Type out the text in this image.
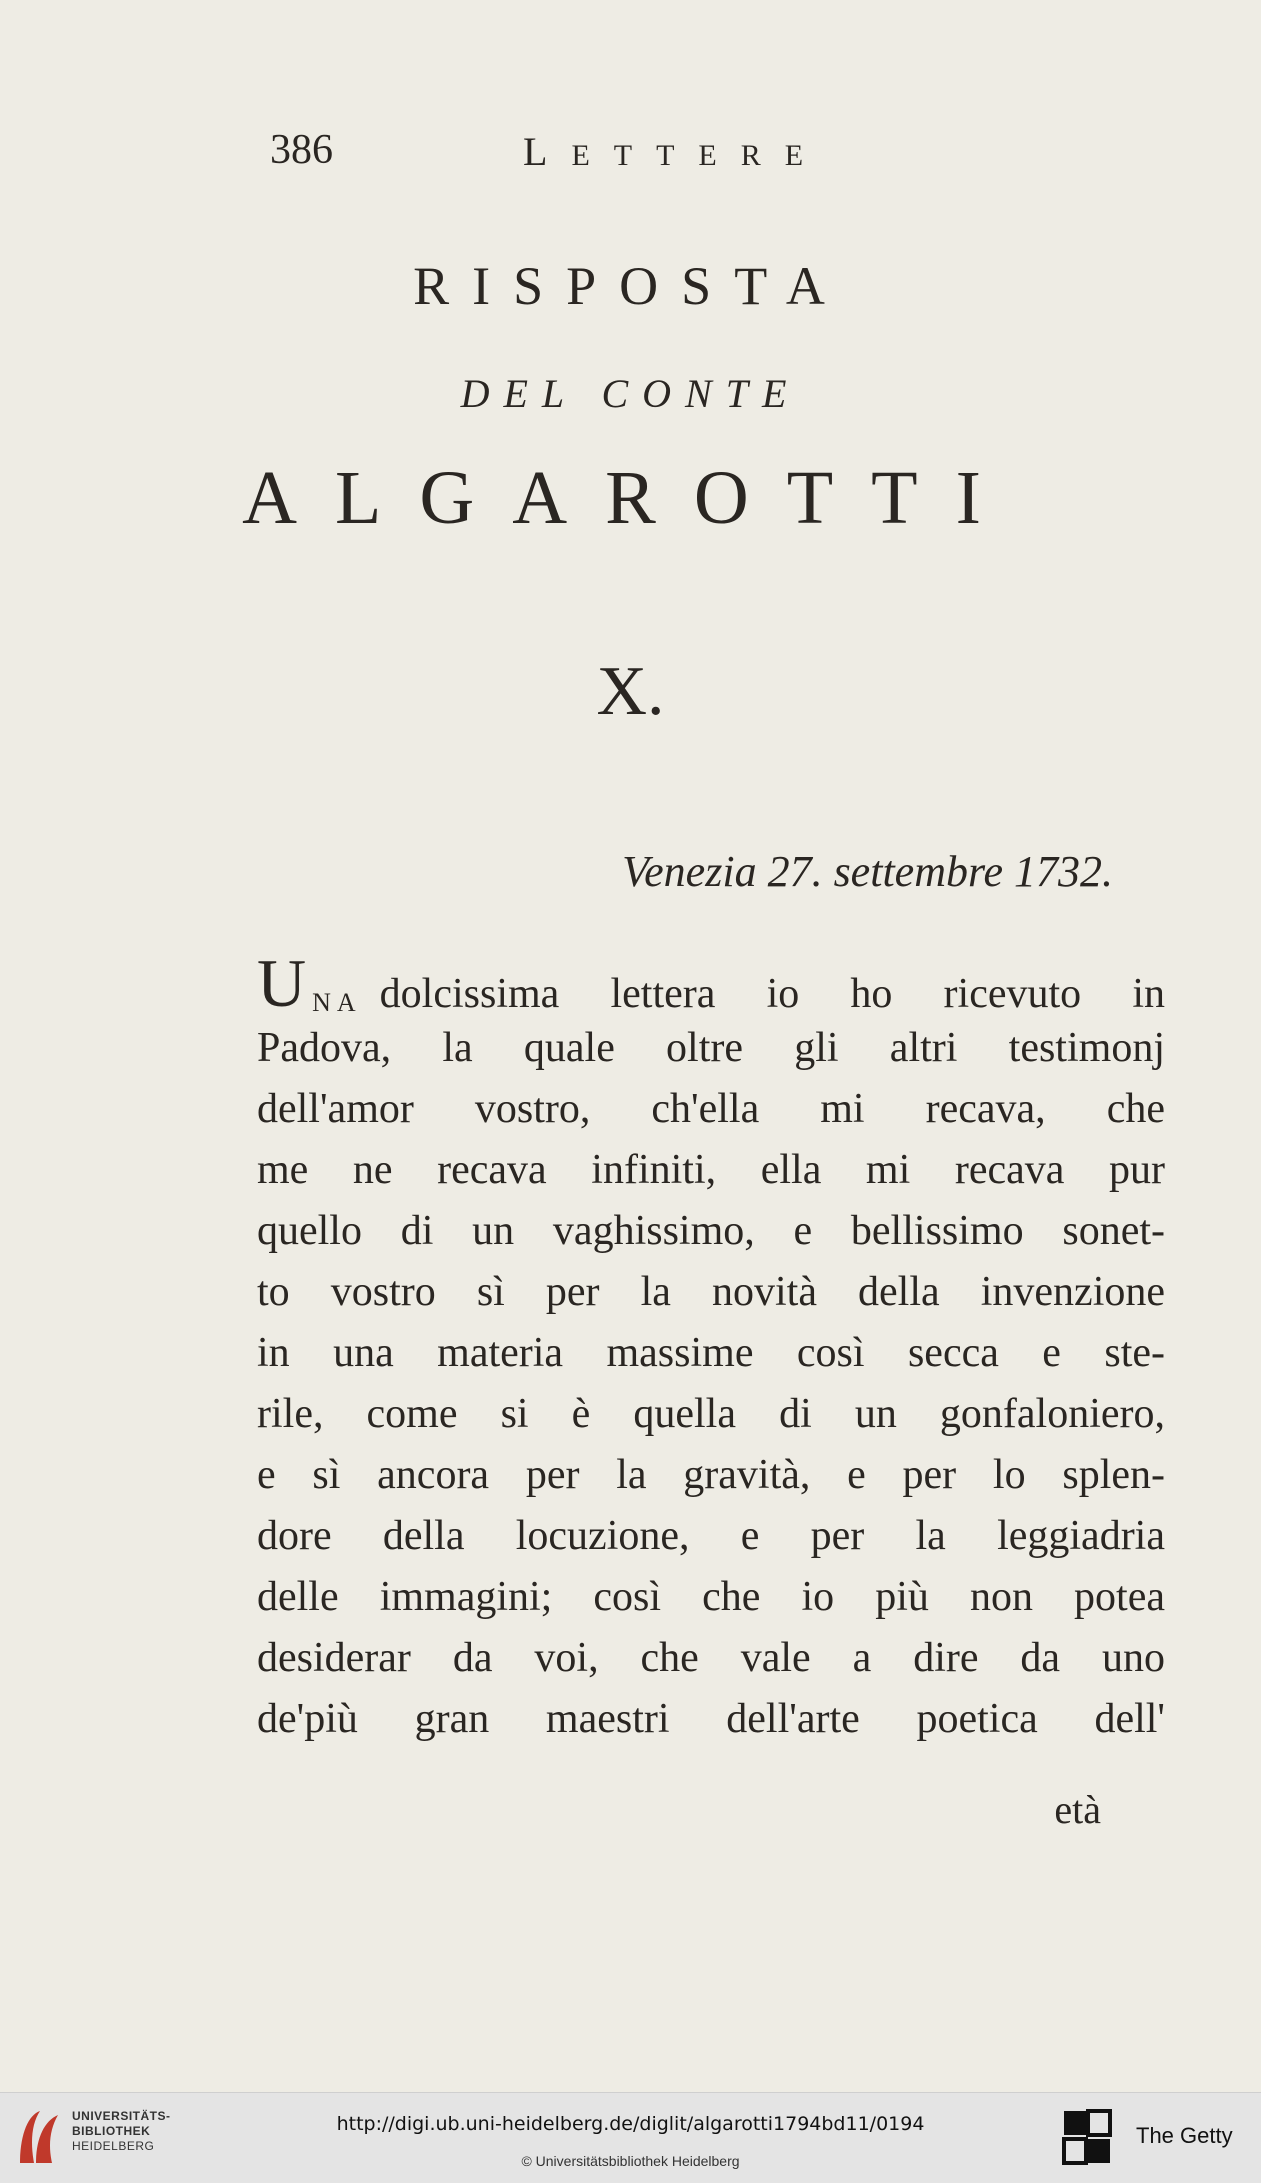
386	LETTERE
RISPOSTA
DEL CONTE
ALGAROTTI
X.
Venezia 27. settembre 1732.
U NA dolcissima lettera io ho ricevuto in
Padova, la quale oltre gli altri testimonj
dell'amor vostro, ch'ella mi recava, che
me ne recava infiniti, ella mi recava pur
quello di un vaghissimo, e bellissimo sonet-
to vostro sì per la novità della invenzione
in una materia massime così secca e ste-
rile, come si è quella di un gonfaloniero,
e sì ancora per la gravità, e per lo splen-
dore della locuzione, e per la leggiadria
delle immagini; così che io più non potea
desiderar da voi, che vale a dire da uno
de'più gran maestri dell'arte poetica dell'
età
UNIVERSITÄTS-
BIBLIOTHEK
HEIDELBERG
http://digi.ub.uni-heidelberg.de/diglit/algarotti1794bd11/0194
© Universitätsbibliothek Heidelberg
The Getty
